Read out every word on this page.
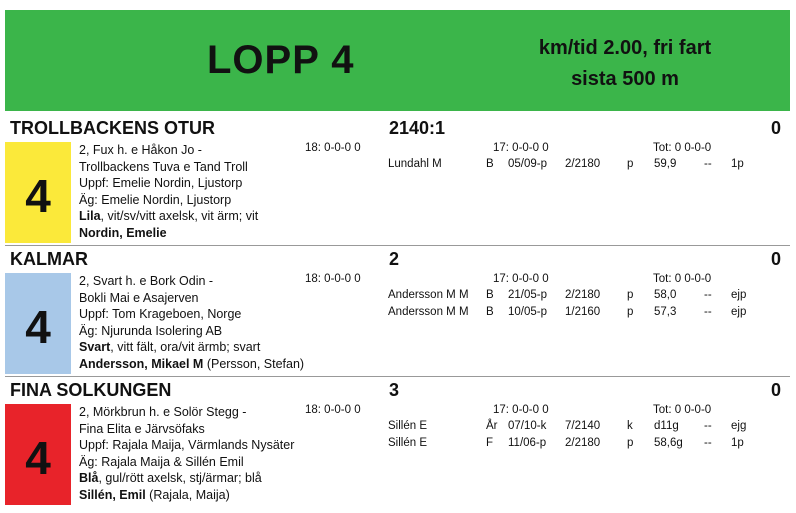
LOPP 4	km/tid 2.00, fri fart
sista 500 m
TROLLBACKENS OTUR	2140:1	0
4
2, Fux h. e Håkon Jo -
Trollbackens Tuva e Tand Troll
Uppf: Emelie Nordin, Ljustorp
Äg: Emelie Nordin, Ljustorp
Lila, vit/sv/vitt axelsk, vit ärm; vit
Nordin, Emelie
18: 0-0-0 0	17: 0-0-0 0	Tot: 0 0-0-0
Lundahl M	B 05/09-p 2/2180 p 59,9 -- 1p
KALMAR	2	0
4
2, Svart h. e Bork Odin -
Bokli Mai e Asajerven
Uppf: Tom Krageboen, Norge
Äg: Njurunda Isolering AB
Svart, vitt fält, ora/vit ärmb; svart
Andersson, Mikael M (Persson, Stefan)
18: 0-0-0 0	17: 0-0-0 0	Tot: 0 0-0-0
Andersson M M B 21/05-p 2/2180 p 58,0 -- ejp
Andersson M M B 10/05-p 1/2160 p 57,3 -- ejp
FINA SOLKUNGEN	3	0
4
2, Mörkbrun h. e Solör Stegg -
Fina Elita e Järvsöfaks
Uppf: Rajala Maija, Värmlands Nysäter
Äg: Rajala Maija & Sillén Emil
Blå, gul/rött axelsk, stj/ärmar; blå
Sillén, Emil (Rajala, Maija)
18: 0-0-0 0	17: 0-0-0 0	Tot: 0 0-0-0
Sillén E	År 07/10-k 7/2140 k d11g -- ejg
Sillén E	F 11/06-p 2/2180 p 58,6g -- 1p
